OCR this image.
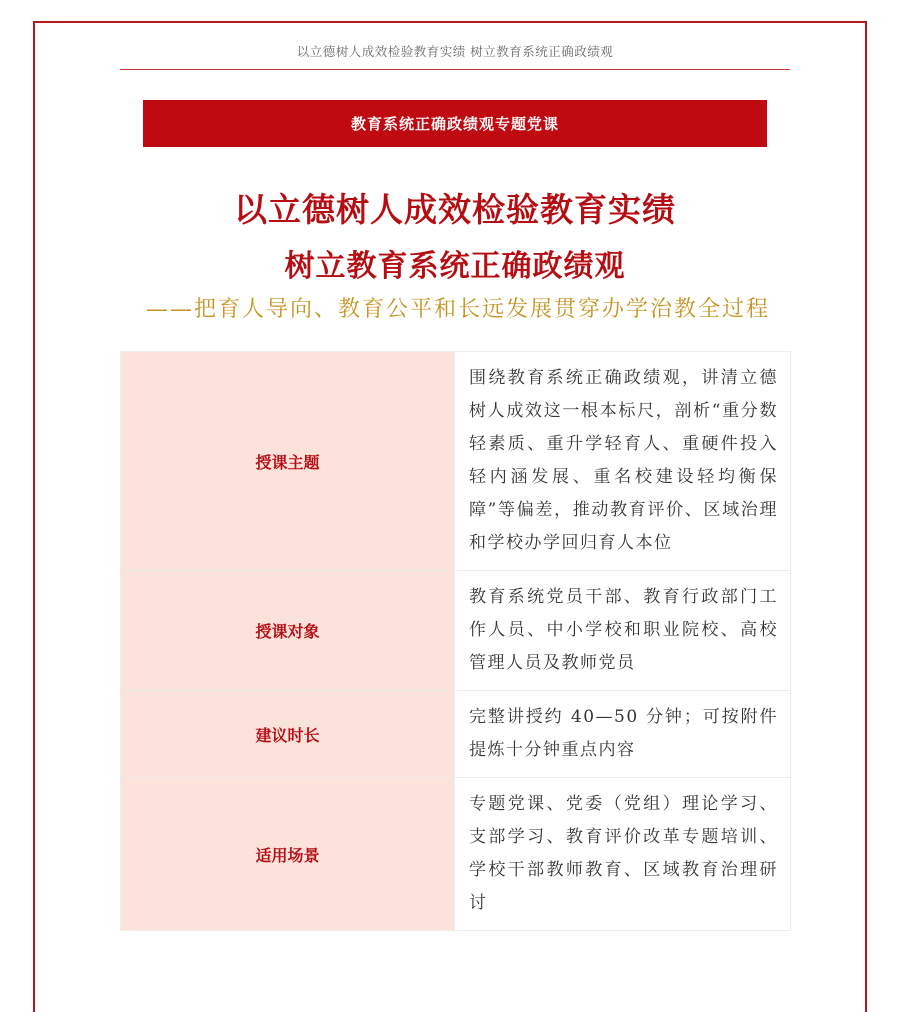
以立德树人成效检验教育实绩 树立教育系统正确政绩观
教育系统正确政绩观专题党课
以立德树人成效检验教育实绩
树立教育系统正确政绩观
——把育人导向、教育公平和长远发展贯穿办学治教全过程
授课主题	围绕教育系统正确政绩观，讲清立德树人成效这一根本标尺，剖析“重分数轻素质、重升学轻育人、重硬件投入轻内涵发展、重名校建设轻均衡保障”等偏差，推动教育评价、区域治理和学校办学回归育人本位
授课对象	教育系统党员干部、教育行政部门工作人员、中小学校和职业院校、高校管理人员及教师党员
建议时长	完整讲授约 40—50 分钟；可按附件提炼十分钟重点内容
适用场景	专题党课、党委（党组）理论学习、支部学习、教育评价改革专题培训、学校干部教师教育、区域教育治理研讨
